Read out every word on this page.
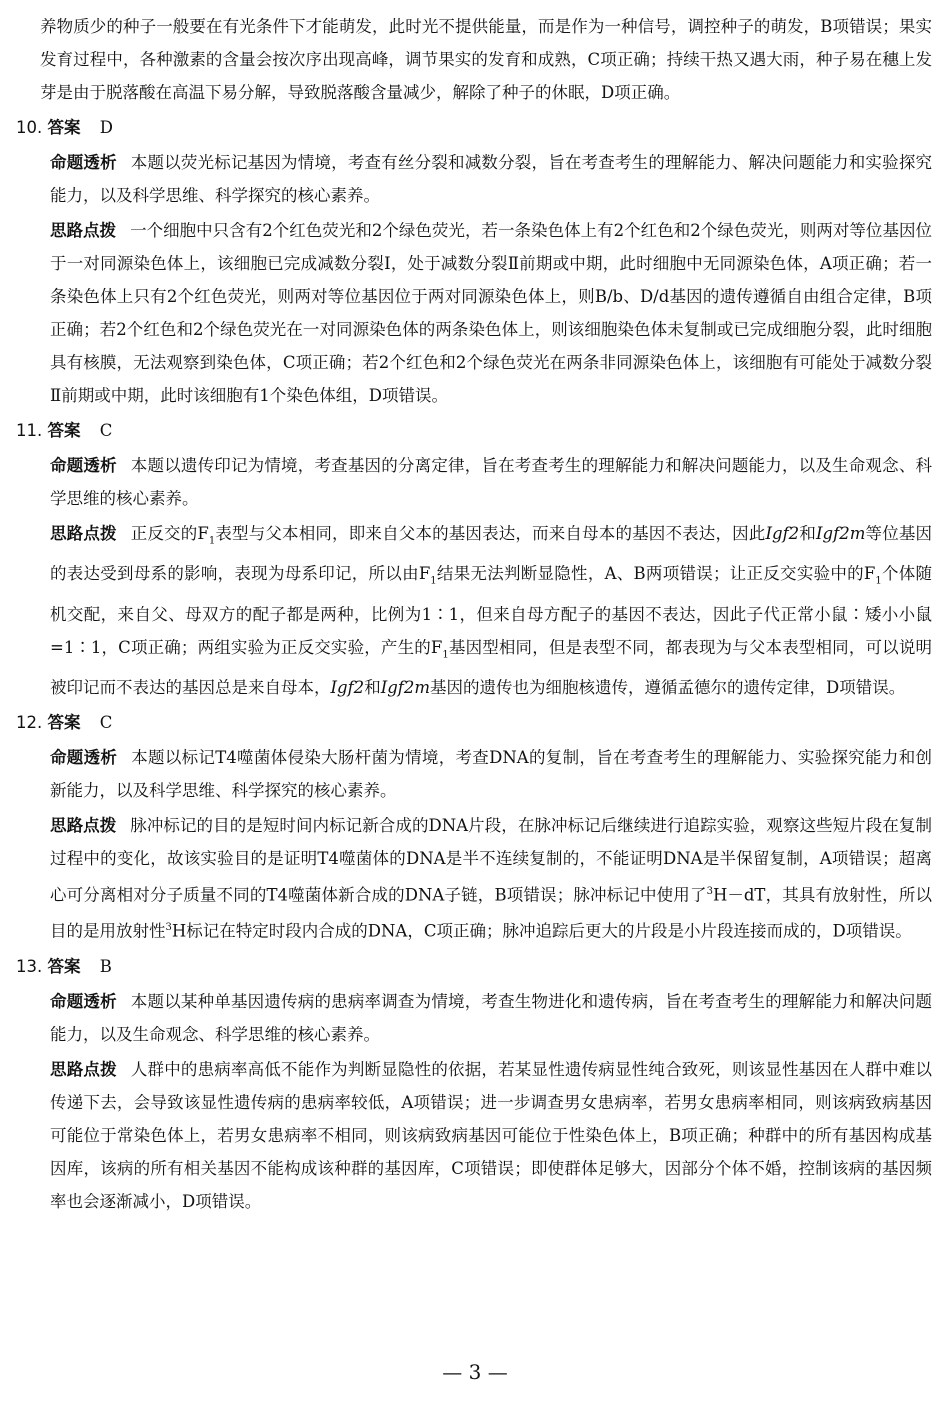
养物质少的种子一般要在有光条件下才能萌发，此时光不提供能量，而是作为一种信号，调控种子的萌发，B项错误；果实发育过程中，各种激素的含量会按次序出现高峰，调节果实的发育和成熟，C项正确；持续干热又遇大雨，种子易在穗上发芽是由于脱落酸在高温下易分解，导致脱落酸含量减少，解除了种子的休眠，D项正确。

10. 答案 D

命题透析 本题以荧光标记基因为情境，考查有丝分裂和减数分裂，旨在考查考生的理解能力、解决问题能力和实验探究能力，以及科学思维、科学探究的核心素养。

思路点拨 一个细胞中只含有2个红色荧光和2个绿色荧光，若一条染色体上有2个红色和2个绿色荧光，则两对等位基因位于一对同源染色体上，该细胞已完成减数分裂Ⅰ，处于减数分裂Ⅱ前期或中期，此时细胞中无同源染色体，A项正确；若一条染色体上只有2个红色荧光，则两对等位基因位于两对同源染色体上，则B/b、D/d基因的遗传遵循自由组合定律，B项正确；若2个红色和2个绿色荧光在一对同源染色体的两条染色体上，则该细胞染色体未复制或已完成细胞分裂，此时细胞具有核膜，无法观察到染色体，C项正确；若2个红色和2个绿色荧光在两条非同源染色体上，该细胞有可能处于减数分裂Ⅱ前期或中期，此时该细胞有1个染色体组，D项错误。

11. 答案 C

命题透析 本题以遗传印记为情境，考查基因的分离定律，旨在考查考生的理解能力和解决问题能力，以及生命观念、科学思维的核心素养。

思路点拨 正反交的$F_1$表型与父本相同，即来自父本的基因表达，而来自母本的基因不表达，因此Igf2和Igf2m等位基因的表达受到母系的影响，表现为母系印记，所以由$F_1$结果无法判断显隐性，A、B两项错误；让正反交实验中的$F_1$个体随机交配，来自父、母双方的配子都是两种，比例为1∶1，但来自母方配子的基因不表达，因此子代正常小鼠∶矮小小鼠=1∶1，C项正确；两组实验为正反交实验，产生的$F_1$基因型相同，但是表型不同，都表现为与父本表型相同，可以说明被印记而不表达的基因总是来自母本，Igf2和Igf2m基因的遗传也为细胞核遗传，遵循孟德尔的遗传定律，D项错误。

12. 答案 C

命题透析 本题以标记T4噬菌体侵染大肠杆菌为情境，考查DNA的复制，旨在考查考生的理解能力、实验探究能力和创新能力，以及科学思维、科学探究的核心素养。

思路点拨 脉冲标记的目的是短时间内标记新合成的DNA片段，在脉冲标记后继续进行追踪实验，观察这些短片段在复制过程中的变化，故该实验目的是证明T4噬菌体的DNA是半不连续复制的，不能证明DNA是半保留复制，A项错误；超离心可分离相对分子质量不同的T4噬菌体新合成的DNA子链，B项错误；脉冲标记中使用了$^3$H－dT，其具有放射性，所以目的是用放射性$^3$H标记在特定时段内合成的DNA，C项正确；脉冲追踪后更大的片段是小片段连接而成的，D项错误。

13. 答案 B

命题透析 本题以某种单基因遗传病的患病率调查为情境，考查生物进化和遗传病，旨在考查考生的理解能力和解决问题能力，以及生命观念、科学思维的核心素养。

思路点拨 人群中的患病率高低不能作为判断显隐性的依据，若某显性遗传病显性纯合致死，则该显性基因在人群中难以传递下去，会导致该显性遗传病的患病率较低，A项错误；进一步调查男女患病率，若男女患病率相同，则该病致病基因可能位于常染色体上，若男女患病率不相同，则该病致病基因可能位于性染色体上，B项正确；种群中的所有基因构成基因库，该病的所有相关基因不能构成该种群的基因库，C项错误；即使群体足够大，因部分个体不婚，控制该病的基因频率也会逐渐减小，D项错误。

— 3 —
